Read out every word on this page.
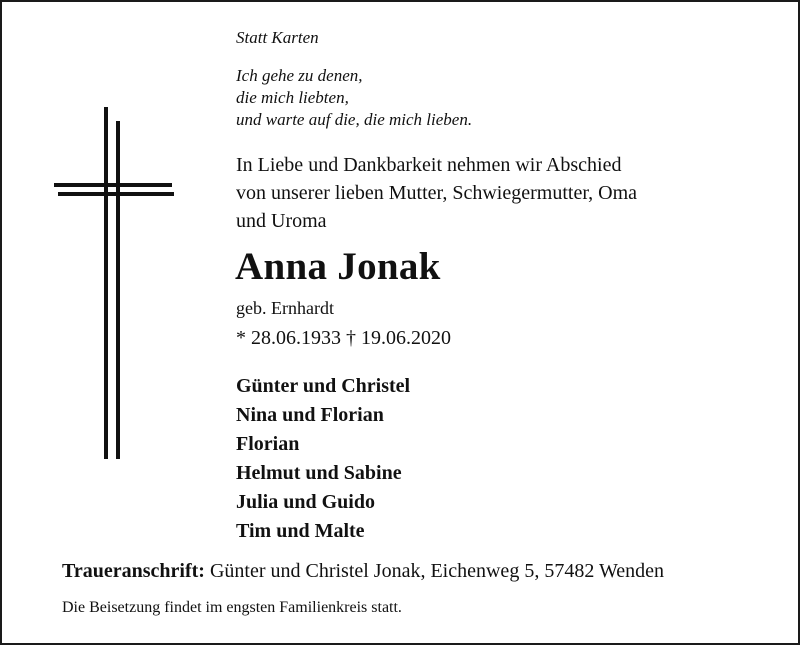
Statt Karten
Ich gehe zu denen,
die mich liebten,
und warte auf die, die mich lieben.
In Liebe und Dankbarkeit nehmen wir Abschied
von unserer lieben Mutter, Schwiegermutter, Oma
und Uroma
Anna Jonak
geb. Ernhardt
* 28.06.1933 † 19.06.2020
Günter und Christel
Nina und Florian
Florian
Helmut und Sabine
Julia und Guido
Tim und Malte
Traueranschrift: Günter und Christel Jonak, Eichenweg 5, 57482 Wenden
Die Beisetzung findet im engsten Familienkreis statt.
